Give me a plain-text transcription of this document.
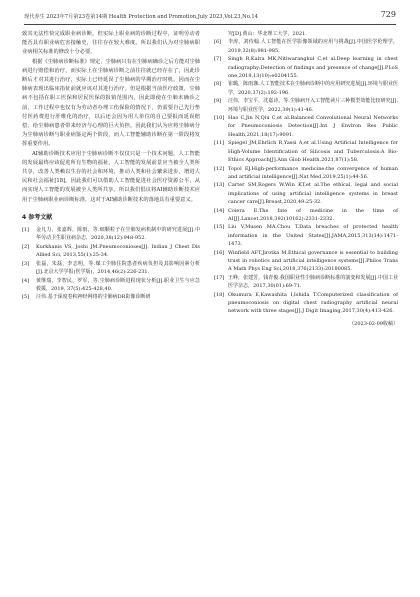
现代养生 2023年7月第23卷第14期 Health Protection and Promotion,July 2023,Vol.23,No.14	729

致其无法性快完成职业病诊断。但实际上职业病的诊断过程中，证明劳动者能否具有职业病危害接触史，往往存在较大难度。所以我们认为对尘肺病职业病相关标准的修改十分必要。

根据《尘肺病诊断标准》规定，尘肺病只有在尘肺病确诊之后方能对尘肺病进行赔偿和治疗，而实际上在尘肺病诊断之前往往就已经存在了，因此诊断后才对其进行治疗，实际上已经延误了尘肺病的早期治疗时机。因而在尘肺病表现出临床指征前就应该对其进行治疗。但是根据当前医疗政策，尘肺病不包括在职工医保和居民医保的报销范围内，因此即使在尘肺未确诊之前，工作过程中也仅有为劳动者办理工伤保险的情况下，仍需要自己先行垫付医药费进行肝维化的治疗，以后还会因为用人单位的自己要报而延误赔偿，给尘肺病患者带来经济与心理的巨大负担。因此我们认为应将尘肺病分为尘肺病诊断与职业病鉴定两个阶段，而人工智能辅助诊断在第一阶段将发挥重要作用。

AI辅助诊断技术应用于尘肺病诊断不仅仅只是一个技术问题，人工智能的发展最终应该促进所有生物的福祉，人工智能的发展前景应当被全人类所共享，改善人类赖以生存的社会和环境，推动人类和社会繁荣进步，增进人民和社会福祉[18]。因此我们可以借助人工智能促进社会医疗资源公平，从而实现人工智能的发展被全人类所共享。所以我们倡议将AI辅助诊断技术应用于尘肺病职业病诊断标准，这对于AI辅助诊断技术的落地具有重要意义。

4 参考文献
[1] 金凡力，张嘉辉，陈雨，等.细颗粒子在尘肺发病机制中的研究进展[J].中华劳动卫生职业病杂志，2020,38(12):948-952.
[2] Kurkhanis VS, Joshi JM.Pneumoconioses[J]. Indian J Chest Dis Allied Sci, 2013,55(1):25-34.
[3] 张磊，朱磊，李志明，等.煤工尘肺住院患者疾病负担及其影响因素分析[J].北京大学学报(医学版)，2014,46(2):226-231.
[4] 黄继瑞，李智民，罗军，等.尘肺病诊断进程现状分析[J].职业卫生与应急救援，2019, 37(5):425-428,40.
[5] 汪伟.基于深度卷积神经网络的尘肺病DR影像诊断研
究[D].黄山：华北理工大学，2021.
[6] 李涛，刘侍翰.人工智能在医学影像领域的应用与挑战[J].中国医学伦理学，2019,32(8):981-985.
[7] Singh R,Kalra MK,Nitiwarangkul C,et al.Deep learning in chest radiography:Detection of findings and presence of change[J].PLoS one,2018,13(10):e0204155.
[8] 崔璐，陈雨珈.人工智能技术在尘肺病诊断中的应用研究进展[J].环境与职业医学，2020,37(2):192-196.
[9] 汪伟，李宝平，沈嘉诗，等.尘肺病开入工智能读片三种模型效能比较研究[J].环境与职业医学，2022,39(1):41-46.
[10] Hao C,Jin N,Qiu C,et al.Balanced Convolutional Neural Networks for Pneumoconiosis Detection[J].Int J Environ Res Public Health,2021,18(17):9091.
[11] Spiegel JM,Ehrlich R,Yassi A,et al.Using Artificial Intelligence for High-Volume Identification of Silicosis and Tuberculosis:A Bio-Ethics Approach[J].Ann Glob Health,2021,87(1):58.
[12] Topol EJ.High-performance medicine:the convergence of human and artificial intelligence[J].Nat Med,2019,25(1):44-56.
[13] Carter SM,Rogers W,Win KT,et al.The ethical, legal and social implications of using artificial intelligence systems in breast cancer care[J].Breast,2020,49:25-32.
[14] Coiera E.The fate of medicine in the time of AI[J].Lancet,2018,392(10162):2331-2332.
[15] Liu V,Musen MA,Chou T.Data breaches of protected health information in the United States[J].JAMA,2015,313(14):1471-1473.
[16] Winfield AFT,Jirotka M.Ethical governance is essential to building trust in robotics and artificial intelligence systems[J].Philos Trans A Math Phys Eng Sci,2018,376(2133):20180085.
[17] 王峥，张建芳，钱青俊.我国职业性尘肺病诊断标准的演变和发展[J].中国工业医学杂志，2017,30(01):69-71.
[18] Okumura E,Kawashita I,Ishida T.Computerized classification of pneumoconiosis on digital chest radiography artificial neural network with three stages[J].J Digit Imaging,2017,30(4):413-426.
（2023-02-09收稿）
